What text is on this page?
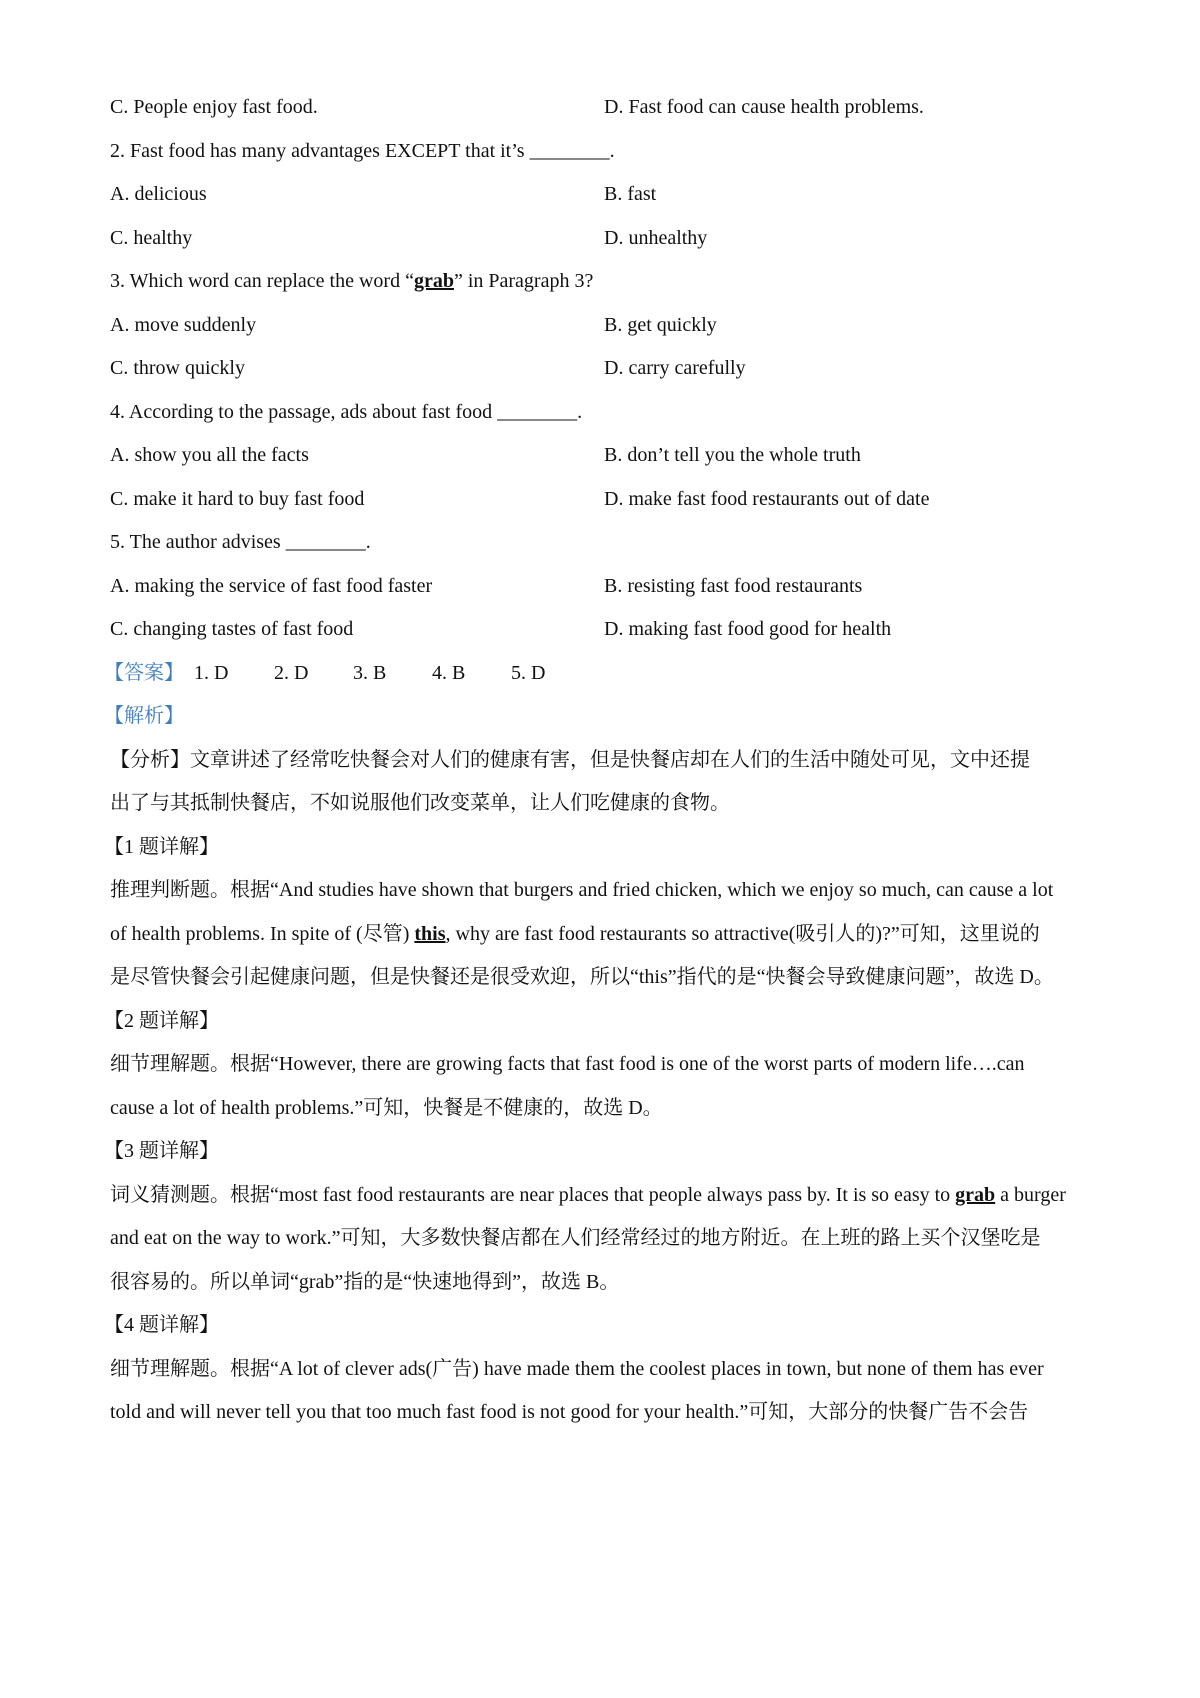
C. People enjoy fast food.	D. Fast food can cause health problems.
2. Fast food has many advantages EXCEPT that it’s ________.
A. delicious	B. fast
C. healthy	D. unhealthy
3. Which word can replace the word “grab” in Paragraph 3?
A. move suddenly	B. get quickly
C. throw quickly	D. carry carefully
4. According to the passage, ads about fast food ________.
A. show you all the facts	B. don’t tell you the whole truth
C. make it hard to buy fast food	D. make fast food restaurants out of date
5. The author advises ________.
A. making the service of fast food faster	B. resisting fast food restaurants
C. changing tastes of fast food	D. making fast food good for health
【答案】 1. D 2. D 3. B 4. B 5. D
【解析】
【分析】文章讲述了经常吃快餐会对人们的健康有害，但是快餐店却在人们的生活中随处可见，文中还提
出了与其抵制快餐店，不如说服他们改变菜单，让人们吃健康的食物。
【1 题详解】
推理判断题。根据“And studies have shown that burgers and fried chicken, which we enjoy so much, can cause a lot
of health problems. In spite of (尽管) this, why are fast food restaurants so attractive(吸引人的)?”可知，这里说的
是尽管快餐会引起健康问题，但是快餐还是很受欢迎，所以“this”指代的是“快餐会导致健康问题”，故选 D。
【2 题详解】
细节理解题。根据“However, there are growing facts that fast food is one of the worst parts of modern life….can
cause a lot of health problems.”可知，快餐是不健康的，故选 D。
【3 题详解】
词义猜测题。根据“most fast food restaurants are near places that people always pass by. It is so easy to grab a burger
and eat on the way to work.”可知，大多数快餐店都在人们经常经过的地方附近。在上班的路上买个汉堡吃是
很容易的。所以单词“grab”指的是“快速地得到”，故选 B。
【4 题详解】
细节理解题。根据“A lot of clever ads(广告) have made them the coolest places in town, but none of them has ever
told and will never tell you that too much fast food is not good for your health.”可知，大部分的快餐广告不会告
